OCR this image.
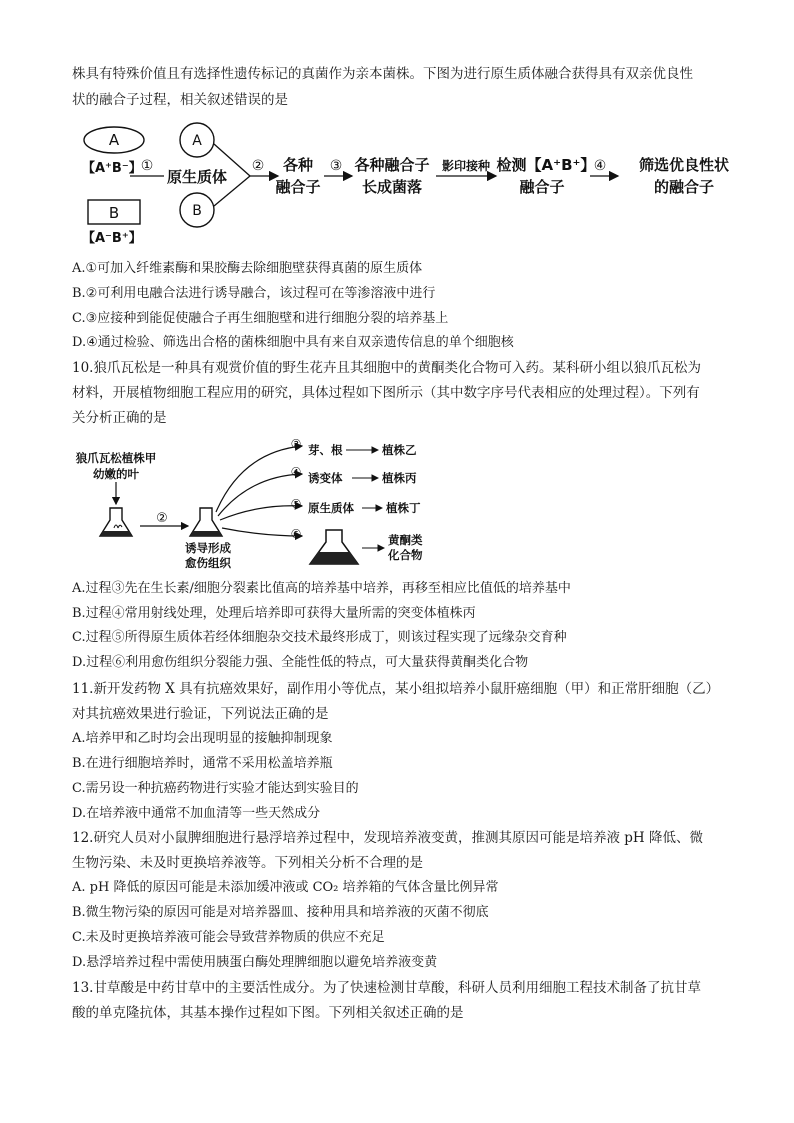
株具有特殊价值且有选择性遗传标记的真菌作为亲本菌株。下图为进行原生质体融合获得具有双亲优良性
状的融合子过程，相关叙述错误的是
A
【A⁺B⁻】
B
【A⁻B⁺】
①
原生质体
A
B
② 各种
融合子
③ 各种融合子
长成菌落
影印接种 检测【A⁺B⁺】
融合子
④ 筛选优良性状
的融合子
A.①可加入纤维素酶和果胶酶去除细胞壁获得真菌的原生质体
B.②可利用电融合法进行诱导融合，该过程可在等渗溶液中进行
C.③应接种到能促使融合子再生细胞壁和进行细胞分裂的培养基上
D.④通过检验、筛选出合格的菌株细胞中具有来自双亲遗传信息的单个细胞核
10.狼爪瓦松是一种具有观赏价值的野生花卉且其细胞中的黄酮类化合物可入药。某科研小组以狼爪瓦松为
材料，开展植物细胞工程应用的研究，具体过程如下图所示（其中数字序号代表相应的处理过程）。下列有
关分析正确的是
狼爪瓦松植株甲
幼嫩的叶
②
诱导形成
愈伤组织
③
④
⑤
⑥
芽、根	植株乙
诱变体	植株丙
原生质体	植株丁
黄酮类
化合物
A.过程③先在生长素/细胞分裂素比值高的培养基中培养，再移至相应比值低的培养基中
B.过程④常用射线处理，处理后培养即可获得大量所需的突变体植株丙
C.过程⑤所得原生质体若经体细胞杂交技术最终形成丁，则该过程实现了远缘杂交育种
D.过程⑥利用愈伤组织分裂能力强、全能性低的特点，可大量获得黄酮类化合物
11.新开发药物 X 具有抗癌效果好，副作用小等优点，某小组拟培养小鼠肝癌细胞（甲）和正常肝细胞（乙）
对其抗癌效果进行验证，下列说法正确的是
A.培养甲和乙时均会出现明显的接触抑制现象
B.在进行细胞培养时，通常不采用松盖培养瓶
C.需另设一种抗癌药物进行实验才能达到实验目的
D.在培养液中通常不加血清等一些天然成分
12.研究人员对小鼠脾细胞进行悬浮培养过程中，发现培养液变黄，推测其原因可能是培养液 pH 降低、微
生物污染、未及时更换培养液等。下列相关分析不合理的是
A. pH 降低的原因可能是未添加缓冲液或 CO₂ 培养箱的气体含量比例异常
B.微生物污染的原因可能是对培养器皿、接种用具和培养液的灭菌不彻底
C.未及时更换培养液可能会导致营养物质的供应不充足
D.悬浮培养过程中需使用胰蛋白酶处理脾细胞以避免培养液变黄
13.甘草酸是中药甘草中的主要活性成分。为了快速检测甘草酸，科研人员利用细胞工程技术制备了抗甘草
酸的单克隆抗体，其基本操作过程如下图。下列相关叙述正确的是
